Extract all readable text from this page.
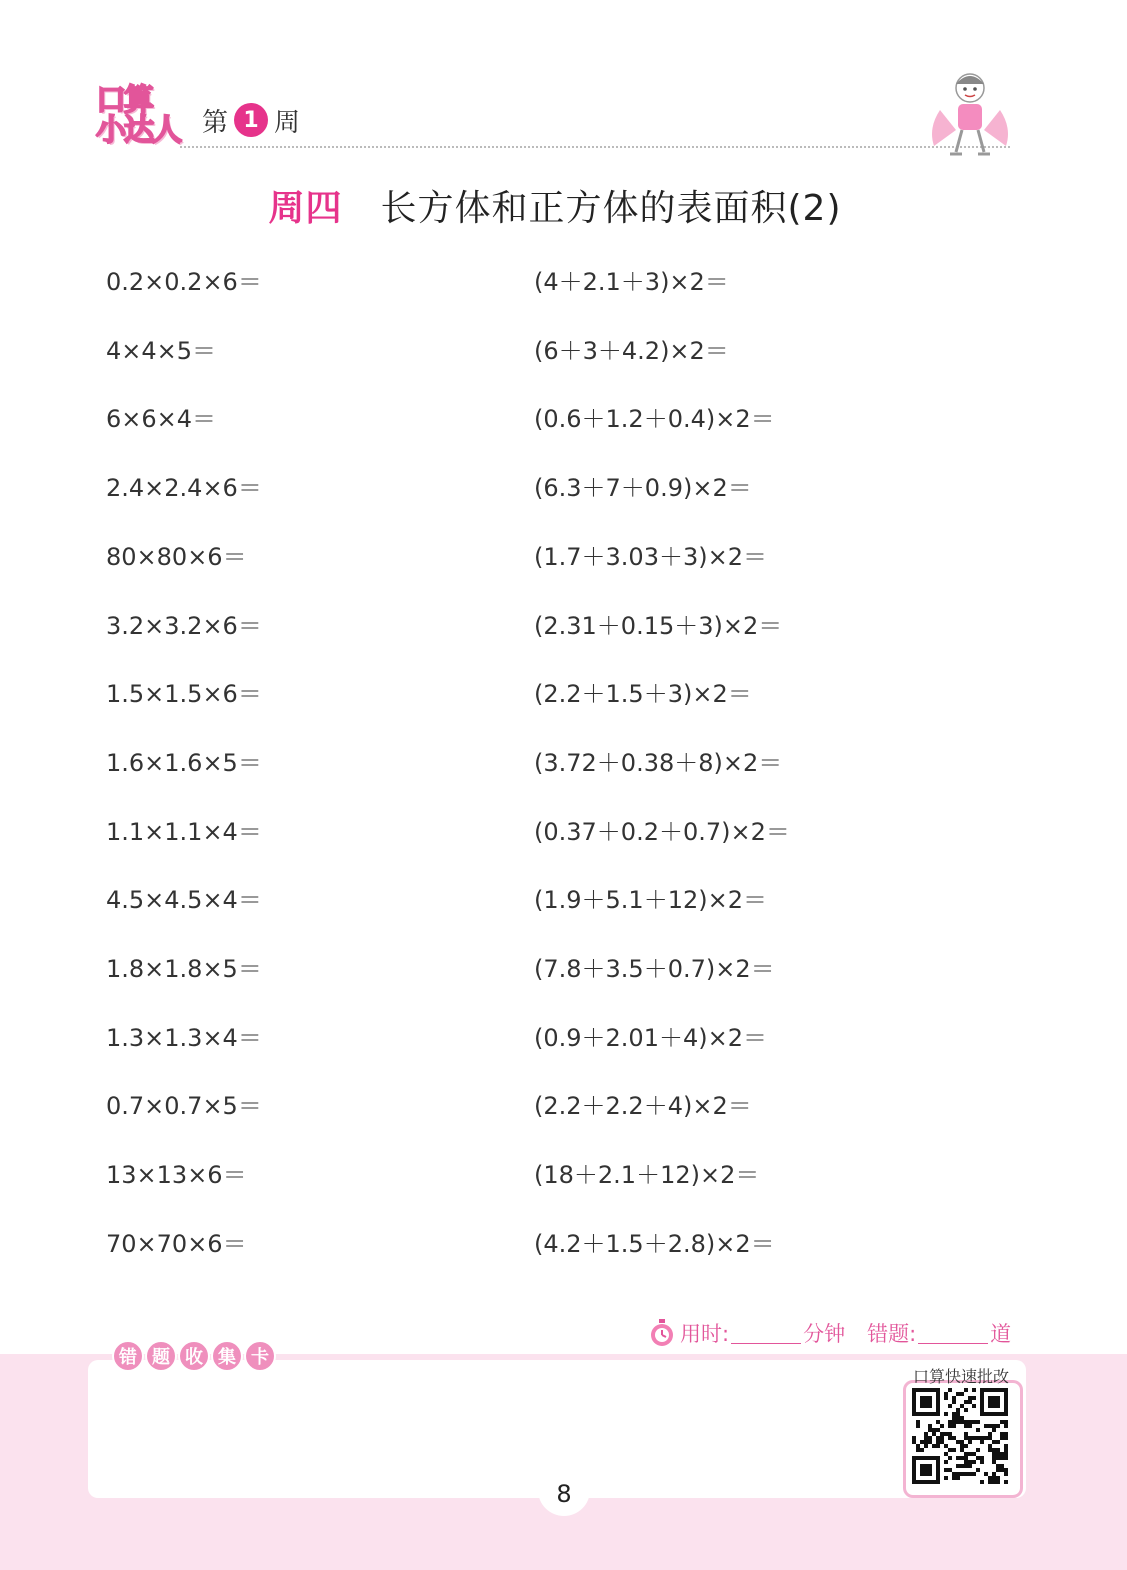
口算
小达人 第 1 周
周四 长方体和正方体的表面积(2)
0.2×0.2×6＝	(4＋2.1＋3)×2＝
4×4×5＝	(6＋3＋4.2)×2＝
6×6×4＝	(0.6＋1.2＋0.4)×2＝
2.4×2.4×6＝	(6.3＋7＋0.9)×2＝
80×80×6＝	(1.7＋3.03＋3)×2＝
3.2×3.2×6＝	(2.31＋0.15＋3)×2＝
1.5×1.5×6＝	(2.2＋1.5＋3)×2＝
1.6×1.6×5＝	(3.72＋0.38＋8)×2＝
1.1×1.1×4＝	(0.37＋0.2＋0.7)×2＝
4.5×4.5×4＝	(1.9＋5.1＋12)×2＝
1.8×1.8×5＝	(7.8＋3.5＋0.7)×2＝
1.3×1.3×4＝	(0.9＋2.01＋4)×2＝
0.7×0.7×5＝	(2.2＋2.2＋4)×2＝
13×13×6＝	(18＋2.1＋12)×2＝
70×70×6＝	(4.2＋1.5＋2.8)×2＝
用时:	分钟 错题:	道
错 题 收 集 卡
口算快速批改
8
